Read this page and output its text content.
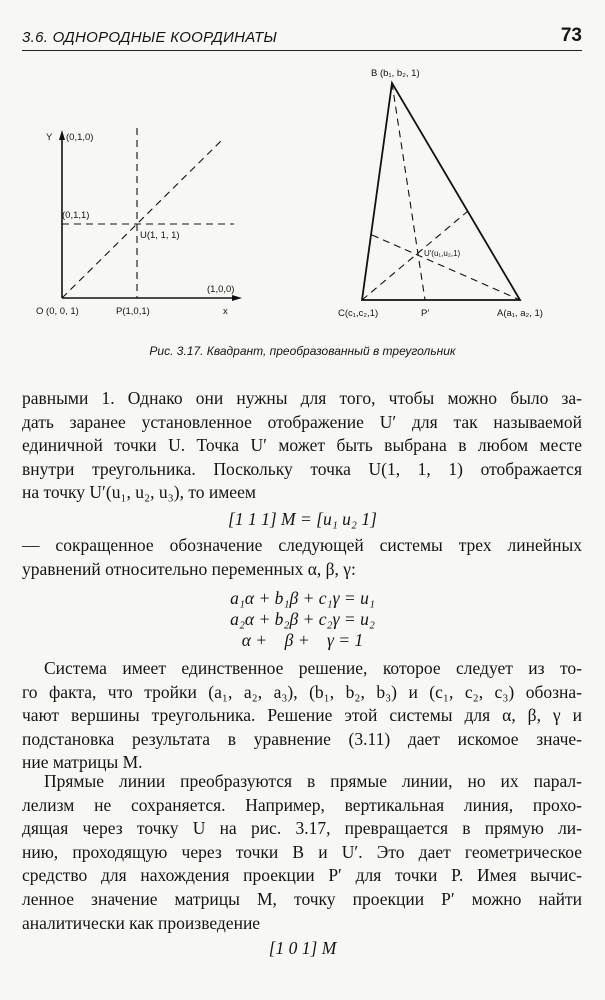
3.6. ОДНОРОДНЫЕ КООРДИНАТЫ	73
Y (0,1,0)
(0,1,1)
U(1, 1, 1)
(1,0,0)
x
O (0, 0, 1)	P(1,0,1)
B (b₁, b₂, 1)
U′(u₁,u₂,1)
C(c₁,c₂,1)	P′	A(a₁, a₂, 1)
Рис. 3.17. Квадрант, преобразованный в треугольник
равными 1. Однако они нужны для того, чтобы можно было за-
дать заранее установленное отображение U′ для так называемой
единичной точки U. Точка U′ может быть выбрана в любом месте
внутри треугольника. Поскольку точка U(1, 1, 1) отображается
на точку U′(u₁, u₂, u₃), то имеем
[1 1 1] M = [u₁ u₂ 1]
— сокращенное обозначение следующей системы трех линейных
уравнений относительно переменных α, β, γ:
a₁α + b₁β + c₁γ = u₁
a₂α + b₂β + c₂γ = u₂
α +    β +    γ = 1
Система имеет единственное решение, которое следует из то-
го факта, что тройки (a₁, a₂, a₃), (b₁, b₂, b₃) и (c₁, c₂, c₃) обозна-
чают вершины треугольника. Решение этой системы для α, β, γ и
подстановка результата в уравнение (3.11) дает искомое значе-
ние матрицы M.
Прямые линии преобразуются в прямые линии, но их парал-
лелизм не сохраняется. Например, вертикальная линия, прохо-
дящая через точку U на рис. 3.17, превращается в прямую ли-
нию, проходящую через точки B и U′. Это дает геометрическое
средство для нахождения проекции P′ для точки P. Имея вычис-
ленное значение матрицы M, точку проекции P′ можно найти
аналитически как произведение
[1 0 1] M
